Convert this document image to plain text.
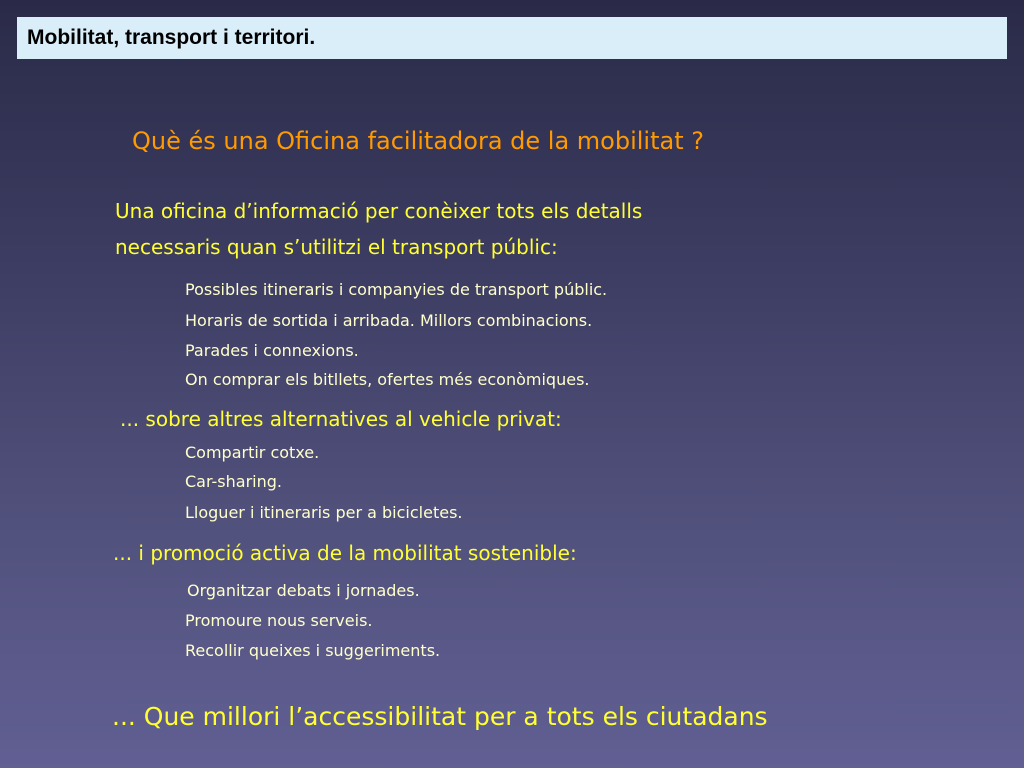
Mobilitat, transport i territori.
Què és una Oficina facilitadora de la mobilitat ?
Una oficina d’informació per conèixer tots els detalls
necessaris quan s’utilitzi el transport públic:
Possibles itineraris i companyies de transport públic.
Horaris de sortida i arribada. Millors combinacions.
Parades i connexions.
On comprar els bitllets, ofertes més econòmiques.
... sobre altres alternatives al vehicle privat:
Compartir cotxe.
Car-sharing.
Lloguer i itineraris per a bicicletes.
... i promoció activa de la mobilitat sostenible:
Organitzar debats i jornades.
Promoure nous serveis.
Recollir queixes i suggeriments.
... Que millori l’accessibilitat per a tots els ciutadans
